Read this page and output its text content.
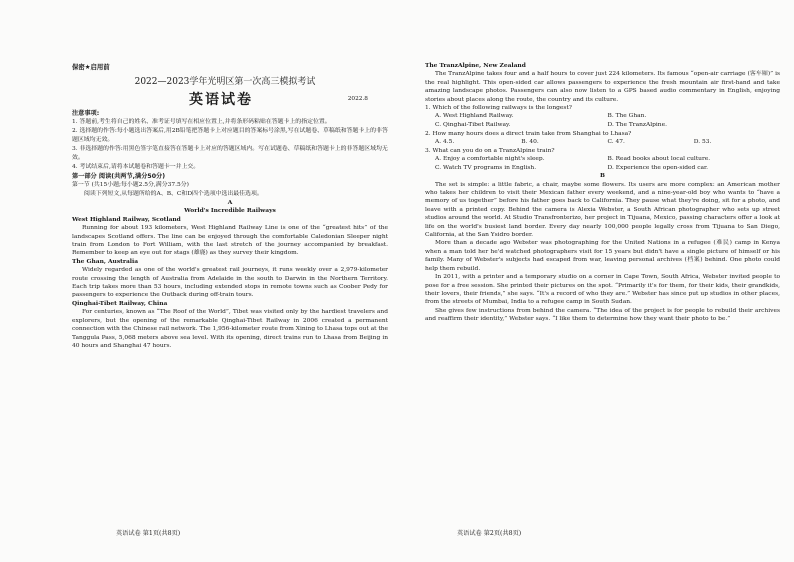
保密★启用前

2022—2023学年光明区第一次高三模拟考试

英语试卷	2022.8

注意事项:

1. 答题前,考生将自己的姓名、准考证号填写在相应位置上,并将条形码粘贴在答题卡上的指定位置。

2. 选择题的作答:每小题选出答案后,用2B铅笔把答题卡上对应题目的答案标号涂黑,写在试题卷、草稿纸和答题卡上的非答题区域均无效。

3. 非选择题的作答:用黑色签字笔直接答在答题卡上对应的答题区域内。写在试题卷、草稿纸和答题卡上的非答题区域均无效。

4. 考试结束后,请将本试题卷和答题卡一并上交。

第一部分 阅读(共两节,满分50分)

第一节 (共15小题;每小题2.5分,满分37.5分)

阅读下列短文,从每题所给的A、B、C和D四个选项中选出最佳选项。

A

World's Incredible Railways

West Highland Railway, Scotland

Running for about 193 kilometers, West Highland Railway Line is one of the “greatest hits” of the landscapes Scotland offers. The line can be enjoyed through the comfortable Caledonian Sleeper night train from London to Fort William, with the last stretch of the journey accompanied by breakfast. Remember to keep an eye out for stags (雄鹿) as they survey their kingdom.

The Ghan, Australia

Widely regarded as one of the world's greatest rail journeys, it runs weekly over a 2,979-kilometer route crossing the length of Australia from Adelaide in the south to Darwin in the Northern Territory. Each trip takes more than 53 hours, including extended stops in remote towns such as Coober Pedy for passengers to experience the Outback during off-train tours.

Qinghai-Tibet Railway, China

For centuries, known as “The Roof of the World”, Tibet was visited only by the hardiest travelers and explorers, but the opening of the remarkable Qinghai-Tibet Railway in 2006 created a permanent connection with the Chinese rail network. The 1,956-kilometer route from Xining to Lhasa tops out at the Tanggula Pass, 5,068 meters above sea level. With its opening, direct trains run to Lhasa from Beijing in 40 hours and Shanghai 47 hours.

英语试卷 第1页(共8页)

The TranzAlpine, New Zealand

The TranzAlpine takes four and a half hours to cover just 224 kilometers. Its famous “open-air carriage (客车厢)” is the real highlight. This open-sided car allows passengers to experience the fresh mountain air first-hand and take amazing landscape photos. Passengers can also now listen to a GPS based audio commentary in English, enjoying stories about places along the route, the country and its culture.

1. Which of the following railways is the longest?

A. West Highland Railway.	B. The Ghan.
C. Qinghai-Tibet Railway.	D. The TranzAlpine.

2. How many hours does a direct train take from Shanghai to Lhasa?

A. 4.5.	B. 40.	C. 47.	D. 53.

3. What can you do on a TranzAlpine train?

A. Enjoy a comfortable night's sleep.	B. Read books about local culture.
C. Watch TV programs in English.	D. Experience the open-sided car.

B

The set is simple: a little fabric, a chair, maybe some flowers. Its users are more complex: an American mother who takes her children to visit their Mexican father every weekend, and a nine-year-old boy who wants to “have a memory of us together” before his father goes back to California. They pause what they're doing, sit for a photo, and leave with a printed copy. Behind the camera is Alexia Webster, a South African photographer who sets up street studios around the world. At Studio Transfronterizo, her project in Tijuana, Mexico, passing characters offer a look at life on the world's busiest land border. Every day nearly 100,000 people legally cross from Tijuana to San Diego, California, at the San Ysidro border.

More than a decade ago Webster was photographing for the United Nations in a refugee (难民) camp in Kenya when a man told her he'd watched photographers visit for 15 years but didn't have a single picture of himself or his family. Many of Webster's subjects had escaped from war, leaving personal archives (档案) behind. One photo could help them rebuild.

In 2011, with a printer and a temporary studio on a corner in Cape Town, South Africa, Webster invited people to pose for a free session. She printed their pictures on the spot. “Primarily it's for them, for their kids, their grandkids, their lovers, their friends,” she says. “It's a record of who they are.” Webster has since put up studios in other places, from the streets of Mumbai, India to a refugee camp in South Sudan.

She gives few instructions from behind the camera. “The idea of the project is for people to rebuild their archives and reaffirm their identity,” Webster says. “I like them to determine how they want their photo to be.”

英语试卷 第2页(共8页)
